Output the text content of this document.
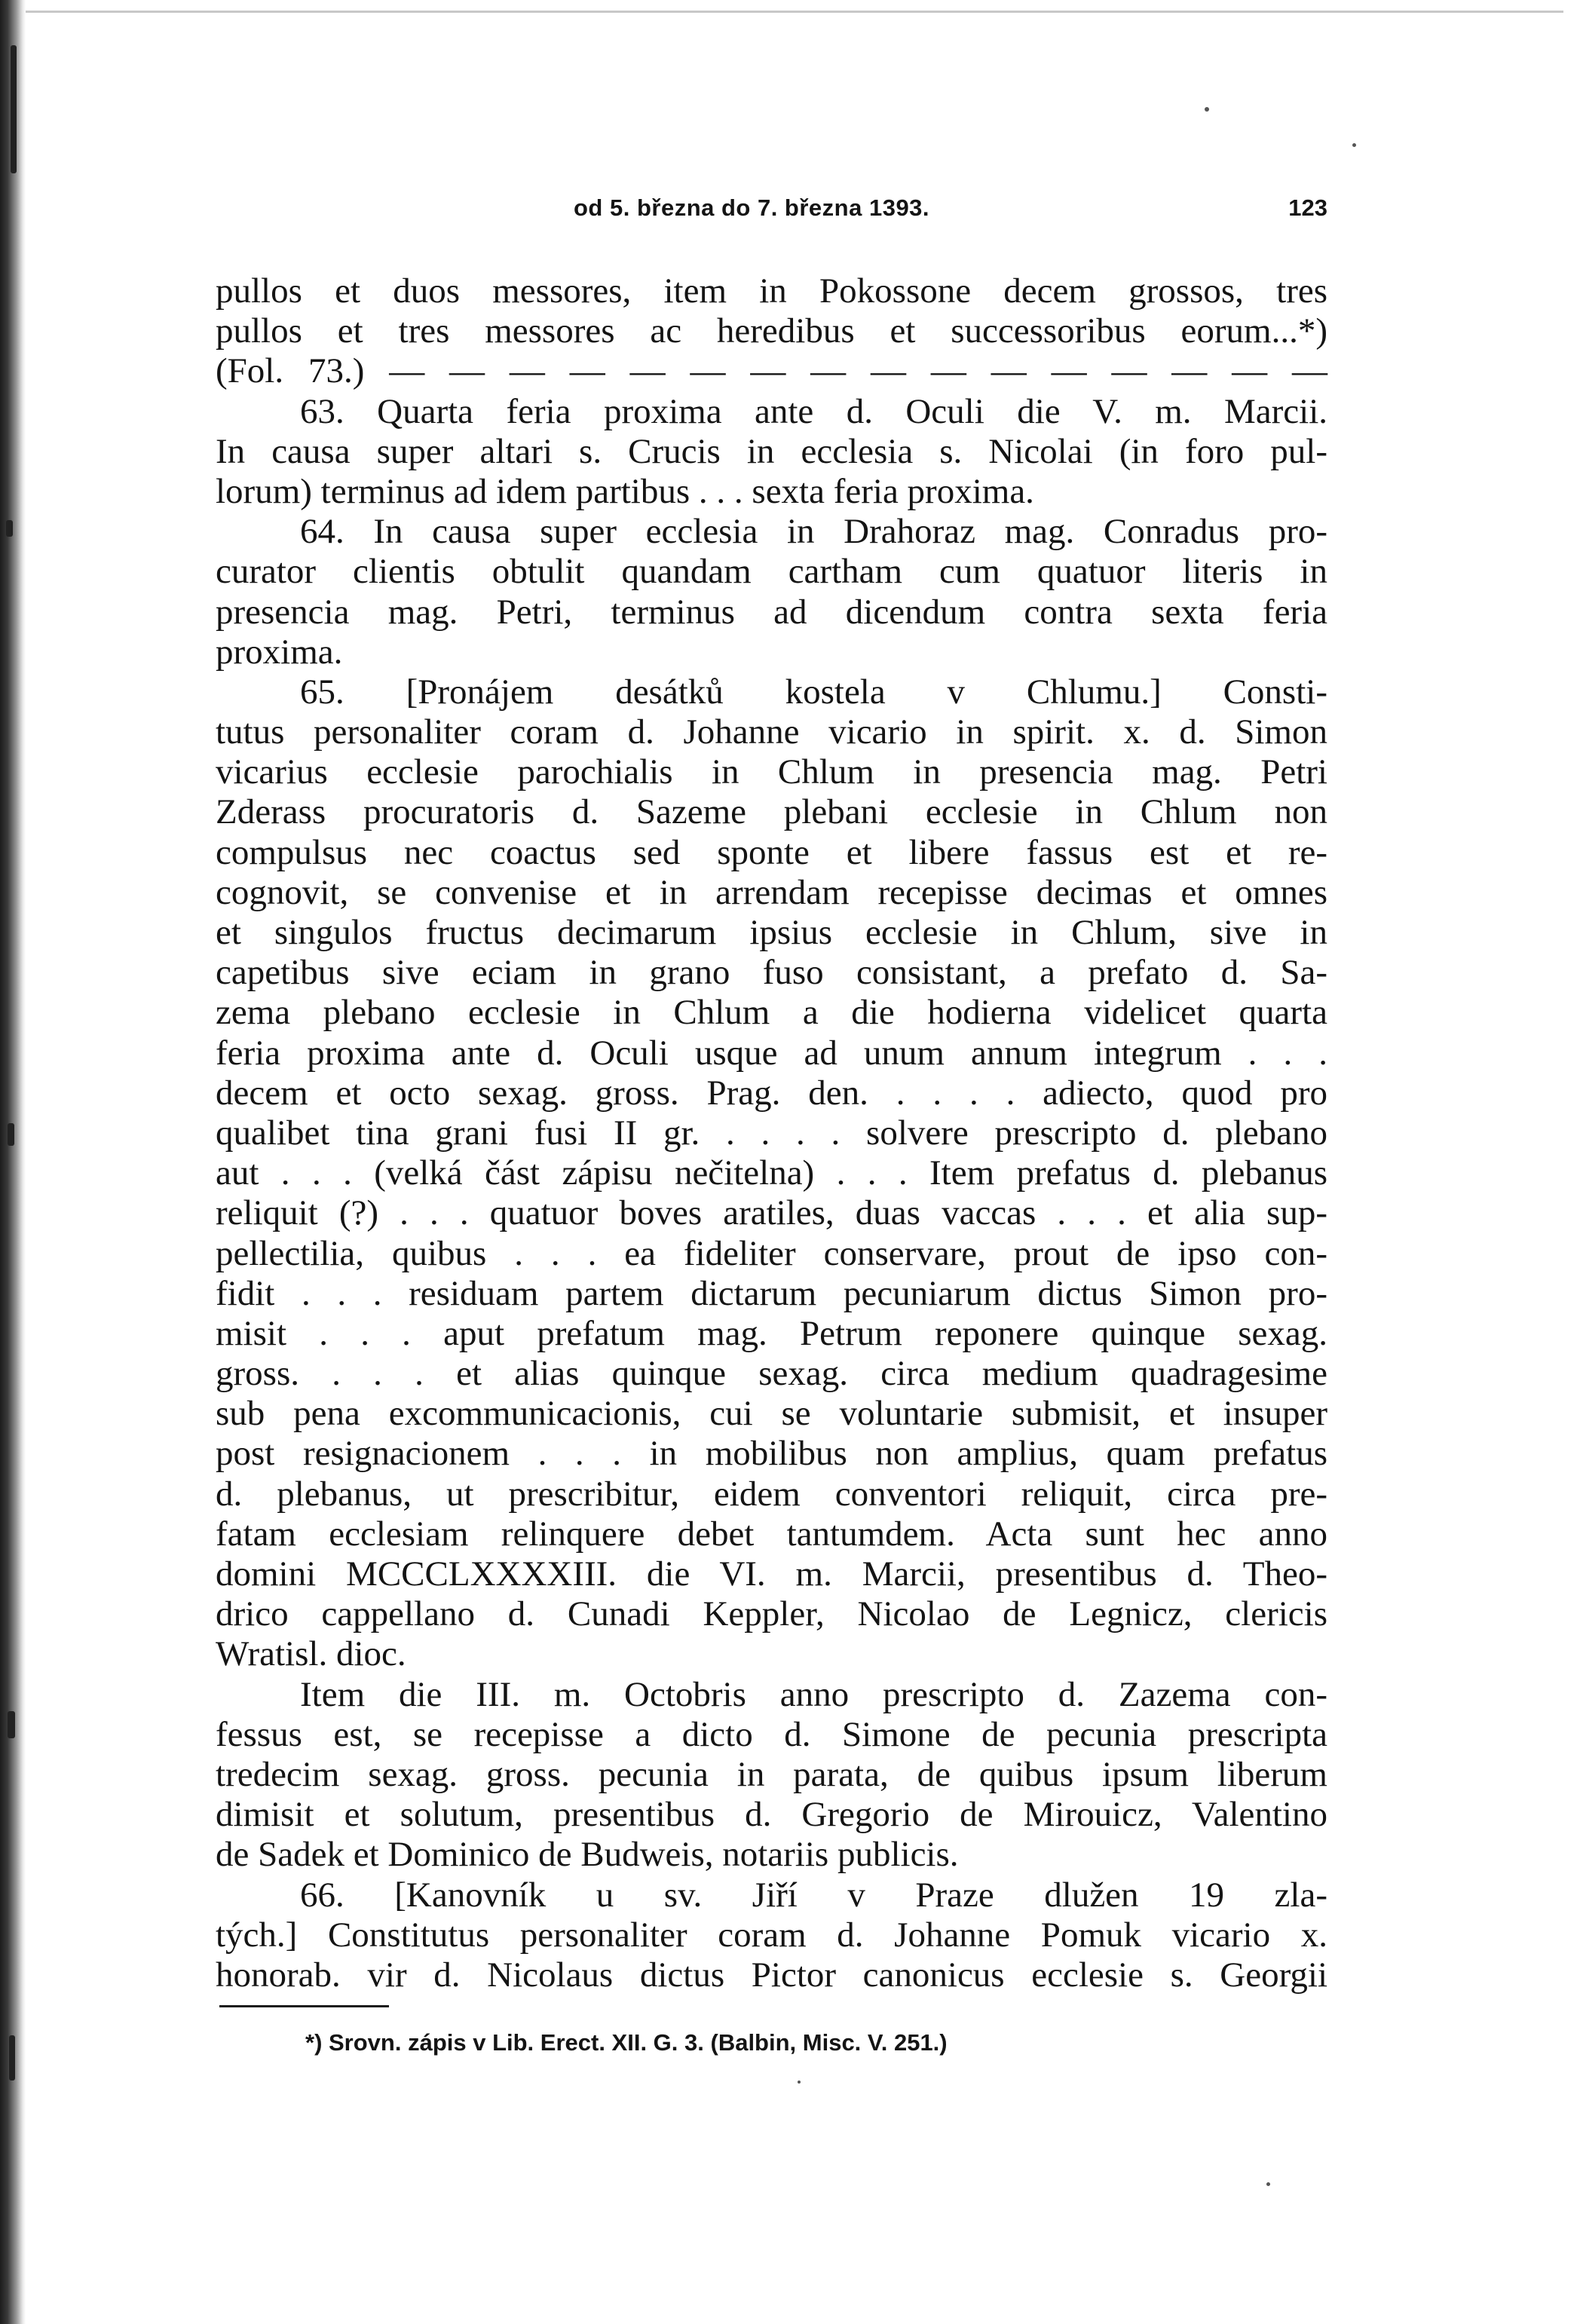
od 5. března do 7. března 1393.	123
pullos et duos messores, item in Pokossone decem grossos, tres
pullos et tres messores ac heredibus et successoribus eorum...*)
(Fol. 73.) — — — — — — — — — — — — — — — —
63. Quarta feria proxima ante d. Oculi die V. m. Marcii.
In causa super altari s. Crucis in ecclesia s. Nicolai (in foro pul-
lorum) terminus ad idem partibus . . . sexta feria proxima.
64. In causa super ecclesia in Drahoraz mag. Conradus pro-
curator clientis obtulit quandam cartham cum quatuor literis in
presencia mag. Petri, terminus ad dicendum contra sexta feria
proxima.
65. [Pronájem desátků kostela v Chlumu.] Consti-
tutus personaliter coram d. Johanne vicario in spirit. x. d. Simon
vicarius ecclesie parochialis in Chlum in presencia mag. Petri
Zderass procuratoris d. Sazeme plebani ecclesie in Chlum non
compulsus nec coactus sed sponte et libere fassus est et re-
cognovit, se convenise et in arrendam recepisse decimas et omnes
et singulos fructus decimarum ipsius ecclesie in Chlum, sive in
capetibus sive eciam in grano fuso consistant, a prefato d. Sa-
zema plebano ecclesie in Chlum a die hodierna videlicet quarta
feria proxima ante d. Oculi usque ad unum annum integrum . . .
decem et octo sexag. gross. Prag. den. . . . . adiecto, quod pro
qualibet tina grani fusi II gr. . . . . solvere prescripto d. plebano
aut . . . (velká část zápisu nečitelna) . . . Item prefatus d. plebanus
reliquit (?) . . . quatuor boves aratiles, duas vaccas . . . et alia sup-
pellectilia, quibus . . . ea fideliter conservare, prout de ipso con-
fidit . . . residuam partem dictarum pecuniarum dictus Simon pro-
misit . . . aput prefatum mag. Petrum reponere quinque sexag.
gross. . . . et alias quinque sexag. circa medium quadragesime
sub pena excommunicacionis, cui se voluntarie submisit, et insuper
post resignacionem . . . in mobilibus non amplius, quam prefatus
d. plebanus, ut prescribitur, eidem conventori reliquit, circa pre-
fatam ecclesiam relinquere debet tantumdem. Acta sunt hec anno
domini MCCCLXXXXIII. die VI. m. Marcii, presentibus d. Theo-
drico cappellano d. Cunadi Keppler, Nicolao de Legnicz, clericis
Wratisl. dioc.
Item die III. m. Octobris anno prescripto d. Zazema con-
fessus est, se recepisse a dicto d. Simone de pecunia prescripta
tredecim sexag. gross. pecunia in parata, de quibus ipsum liberum
dimisit et solutum, presentibus d. Gregorio de Mirouicz, Valentino
de Sadek et Dominico de Budweis, notariis publicis.
66. [Kanovník u sv. Jiří v Praze dlužen 19 zla-
tých.] Constitutus personaliter coram d. Johanne Pomuk vicario x.
honorab. vir d. Nicolaus dictus Pictor canonicus ecclesie s. Georgii
*) Srovn. zápis v Lib. Erect. XII. G. 3. (Balbin, Misc. V. 251.)
